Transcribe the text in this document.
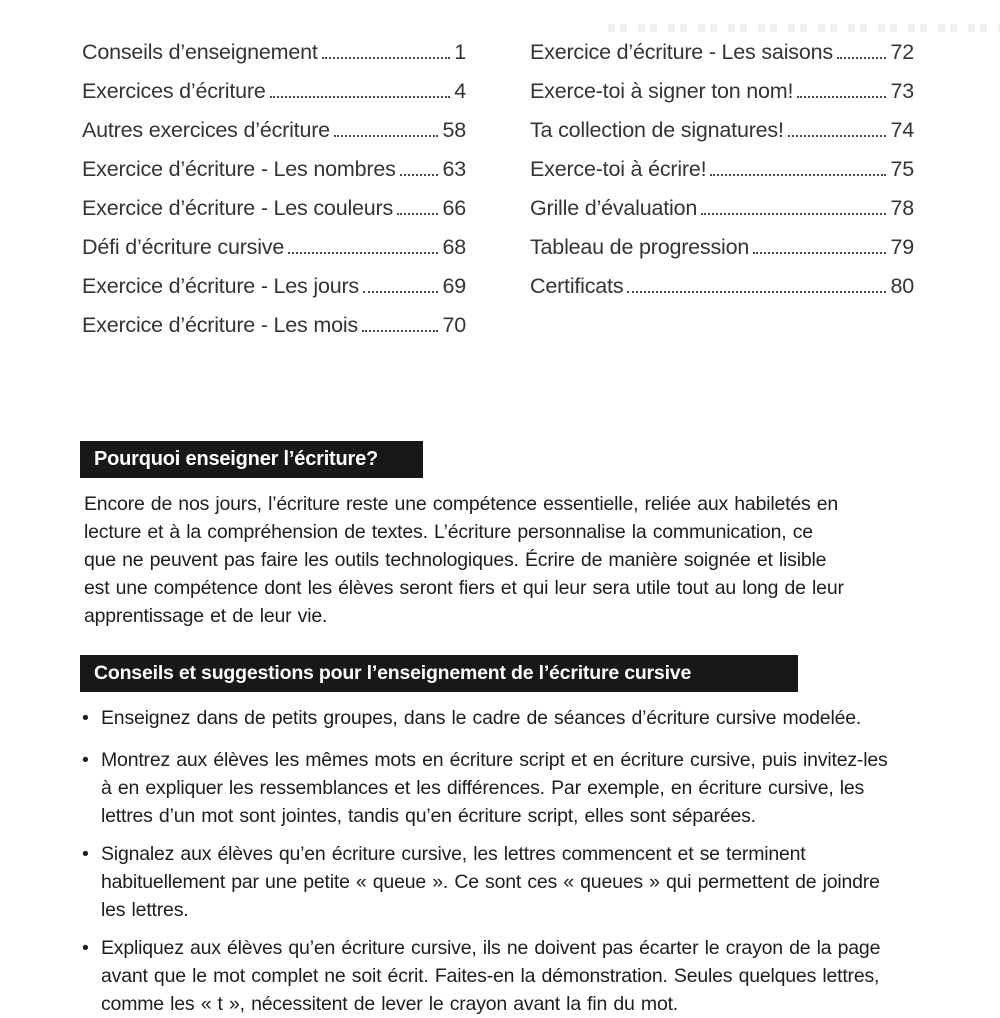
Conseils d’enseignement	1
Exercices d’écriture	4
Autres exercices d’écriture	58
Exercice d’écriture - Les nombres 63
Exercice d’écriture - Les couleurs 66
Défi d’écriture cursive	68
Exercice d’écriture - Les jours	69
Exercice d’écriture - Les mois	70
Exercice d’écriture - Les saisons	72
Exerce-toi à signer ton nom!	73
Ta collection de signatures!	74
Exerce-toi à écrire!	75
Grille d’évaluation	78
Tableau de progression	79
Certificats	80
Pourquoi enseigner l’écriture?
Encore de nos jours, l’écriture reste une compétence essentielle, reliée aux habiletés en
lecture et à la compréhension de textes. L’écriture personnalise la communication, ce
que ne peuvent pas faire les outils technologiques. Écrire de manière soignée et lisible
est une compétence dont les élèves seront fiers et qui leur sera utile tout au long de leur
apprentissage et de leur vie.
Conseils et suggestions pour l’enseignement de l’écriture cursive
• Enseignez dans de petits groupes, dans le cadre de séances d’écriture cursive modelée.
• Montrez aux élèves les mêmes mots en écriture script et en écriture cursive, puis invitez-les
à en expliquer les ressemblances et les différences. Par exemple, en écriture cursive, les
lettres d’un mot sont jointes, tandis qu’en écriture script, elles sont séparées.
• Signalez aux élèves qu’en écriture cursive, les lettres commencent et se terminent
habituellement par une petite « queue ». Ce sont ces « queues » qui permettent de joindre
les lettres.
• Expliquez aux élèves qu’en écriture cursive, ils ne doivent pas écarter le crayon de la page
avant que le mot complet ne soit écrit. Faites-en la démonstration. Seules quelques lettres,
comme les « t », nécessitent de lever le crayon avant la fin du mot.
